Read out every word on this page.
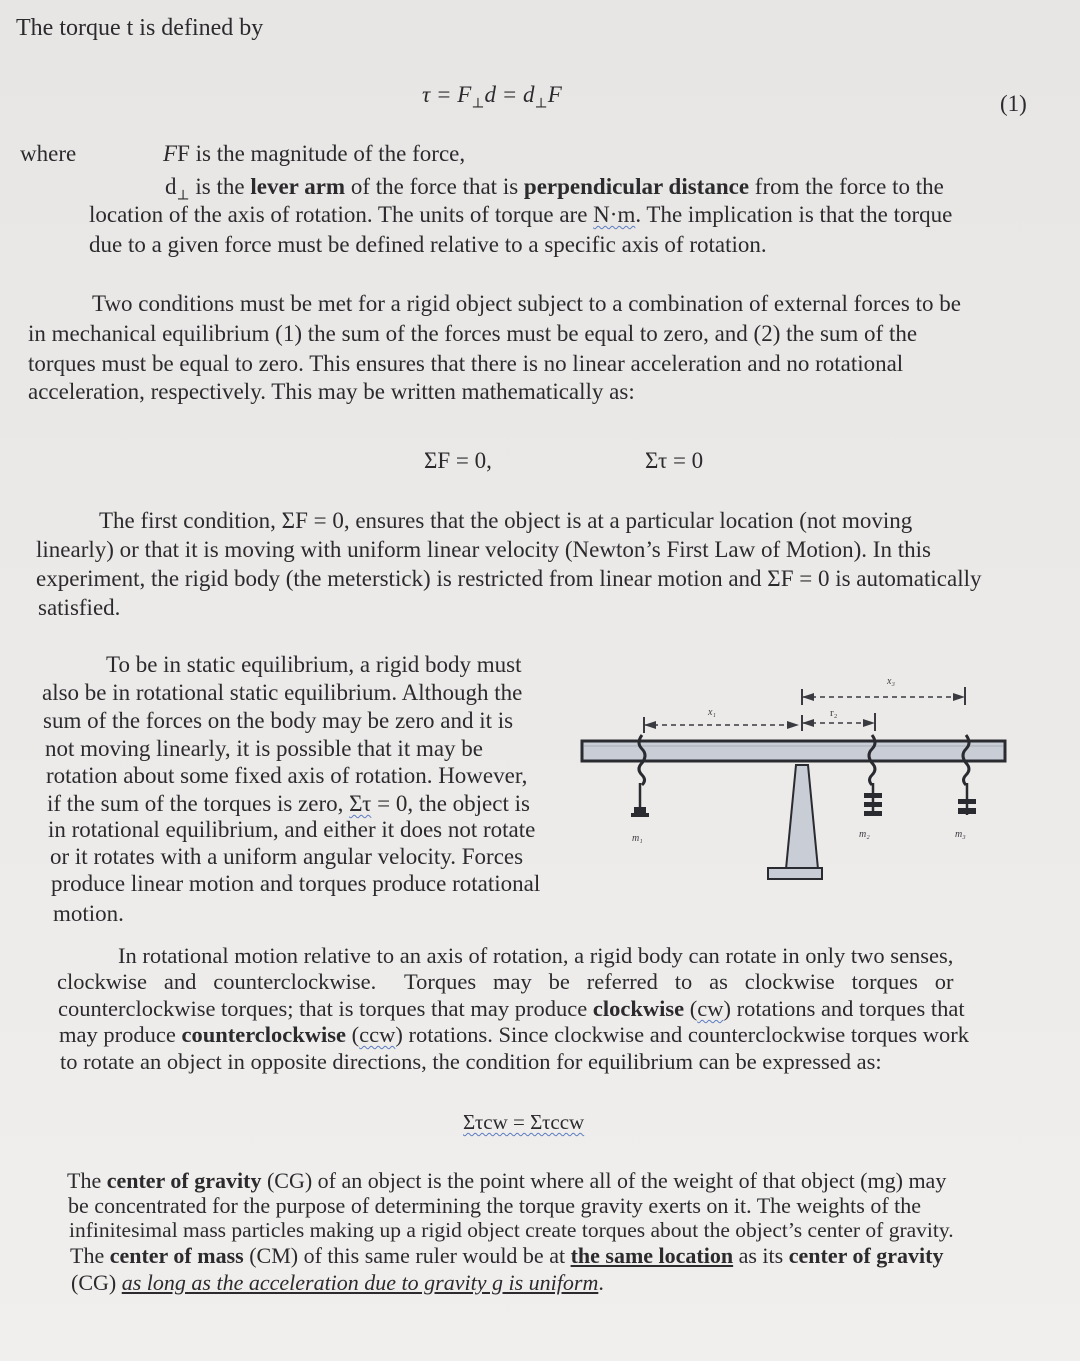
The torque t is defined by
$\tau = F_\perp d = d_\perp F$	(1)
where	FF is the magnitude of the force,
$d_\perp$ is the lever arm of the force that is perpendicular distance from the force to the
location of the axis of rotation. The units of torque are N·m. The implication is that the torque
due to a given force must be defined relative to a specific axis of rotation.
Two conditions must be met for a rigid object subject to a combination of external forces to be
in mechanical equilibrium (1) the sum of the forces must be equal to zero, and (2) the sum of the
torques must be equal to zero. This ensures that there is no linear acceleration and no rotational
acceleration, respectively. This may be written mathematically as:
ΣF = 0,	Στ = 0
The first condition, ΣF = 0, ensures that the object is at a particular location (not moving
linearly) or that it is moving with uniform linear velocity (Newton’s First Law of Motion). In this
experiment, the rigid body (the meterstick) is restricted from linear motion and ΣF = 0 is automatically
satisfied.
To be in static equilibrium, a rigid body must
also be in rotational static equilibrium. Although the
sum of the forces on the body may be zero and it is
not moving linearly, it is possible that it may be
rotation about some fixed axis of rotation. However,
if the sum of the torques is zero, Στ = 0, the object is
in rotational equilibrium, and either it does not rotate
or it rotates with a uniform angular velocity. Forces
produce linear motion and torques produce rotational
motion.
x₃
x₁	r₂
m₁	m₂	m₃
In rotational motion relative to an axis of rotation, a rigid body can rotate in only two senses,
clockwise   and   counterclockwise.     Torques   may   be   referred   to   as   clockwise   torques   or
counterclockwise torques; that is torques that may produce clockwise (cw) rotations and torques that
may produce counterclockwise (ccw) rotations. Since clockwise and counterclockwise torques work
to rotate an object in opposite directions, the condition for equilibrium can be expressed as:
Στcw = Στccw
The center of gravity (CG) of an object is the point where all of the weight of that object (mg) may
be concentrated for the purpose of determining the torque gravity exerts on it. The weights of the
infinitesimal mass particles making up a rigid object create torques about the object’s center of gravity.
The center of mass (CM) of this same ruler would be at the same location as its center of gravity
(CG) as long as the acceleration due to gravity g is uniform.
